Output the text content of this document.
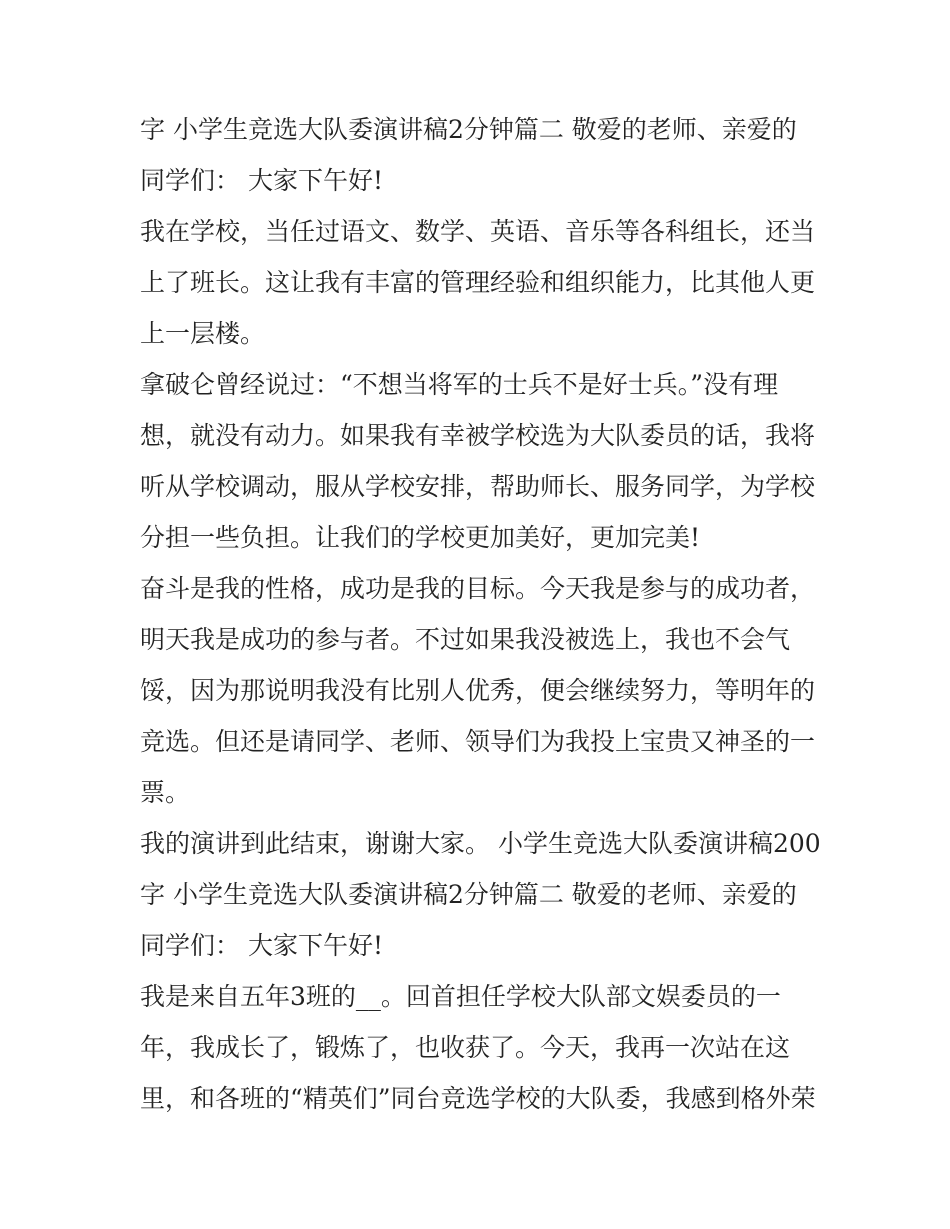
字 小学生竞选大队委演讲稿2分钟篇二 敬爱的老师、亲爱的
同学们： 大家下午好!
我在学校，当任过语文、数学、英语、音乐等各科组长，还当
上了班长。这让我有丰富的管理经验和组织能力，比其他人更
上一层楼。
拿破仑曾经说过：“不想当将军的士兵不是好士兵。”没有理
想，就没有动力。如果我有幸被学校选为大队委员的话，我将
听从学校调动，服从学校安排，帮助师长、服务同学，为学校
分担一些负担。让我们的学校更加美好，更加完美!
奋斗是我的性格，成功是我的目标。今天我是参与的成功者，
明天我是成功的参与者。不过如果我没被选上，我也不会气
馁，因为那说明我没有比别人优秀，便会继续努力，等明年的
竞选。但还是请同学、老师、领导们为我投上宝贵又神圣的一
票。
我的演讲到此结束，谢谢大家。 小学生竞选大队委演讲稿200
字 小学生竞选大队委演讲稿2分钟篇二 敬爱的老师、亲爱的
同学们： 大家下午好!
我是来自五年3班的__。回首担任学校大队部文娱委员的一
年，我成长了，锻炼了，也收获了。今天，我再一次站在这
里，和各班的“精英们”同台竞选学校的大队委，我感到格外荣
